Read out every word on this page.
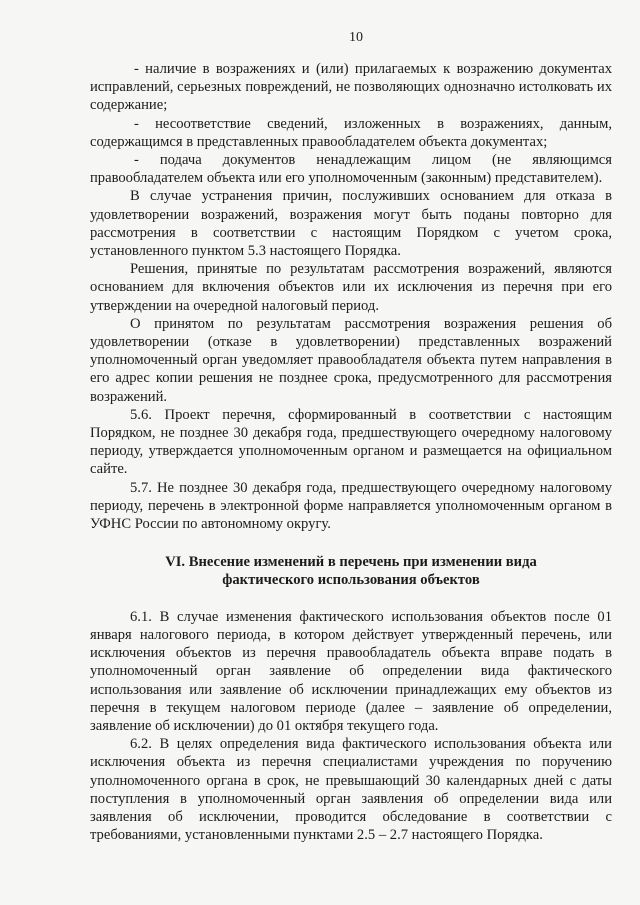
10

- наличие в возражениях и (или) прилагаемых к возражению документах исправлений, серьезных повреждений, не позволяющих однозначно истолковать их содержание;

- несоответствие сведений, изложенных в возражениях, данным, содержащимся в представленных правообладателем объекта документах;

- подача документов ненадлежащим лицом (не являющимся правообладателем объекта или его уполномоченным (законным) представителем).

В случае устранения причин, послуживших основанием для отказа в удовлетворении возражений, возражения могут быть поданы повторно для рассмотрения в соответствии с настоящим Порядком с учетом срока, установленного пунктом 5.3 настоящего Порядка.

Решения, принятые по результатам рассмотрения возражений, являются основанием для включения объектов или их исключения из перечня при его утверждении на очередной налоговый период.

О принятом по результатам рассмотрения возражения решения об удовлетворении (отказе в удовлетворении) представленных возражений уполномоченный орган уведомляет правообладателя объекта путем направления в его адрес копии решения не позднее срока, предусмотренного для рассмотрения возражений.

5.6. Проект перечня, сформированный в соответствии с настоящим Порядком, не позднее 30 декабря года, предшествующего очередному налоговому периоду, утверждается уполномоченным органом и размещается на официальном сайте.

5.7. Не позднее 30 декабря года, предшествующего очередному налоговому периоду, перечень в электронной форме направляется уполномоченным органом в УФНС России по автономному округу.

VI. Внесение изменений в перечень при изменении вида
фактического использования объектов

6.1. В случае изменения фактического использования объектов после 01 января налогового периода, в котором действует утвержденный перечень, или исключения объектов из перечня правообладатель объекта вправе подать в уполномоченный орган заявление об определении вида фактического использования или заявление об исключении принадлежащих ему объектов из перечня в текущем налоговом периоде (далее – заявление об определении, заявление об исключении) до 01 октября текущего года.

6.2. В целях определения вида фактического использования объекта или исключения объекта из перечня специалистами учреждения по поручению уполномоченного органа в срок, не превышающий 30 календарных дней с даты поступления в уполномоченный орган заявления об определении вида или заявления об исключении, проводится обследование в соответствии с требованиями, установленными пунктами 2.5 – 2.7 настоящего Порядка.
